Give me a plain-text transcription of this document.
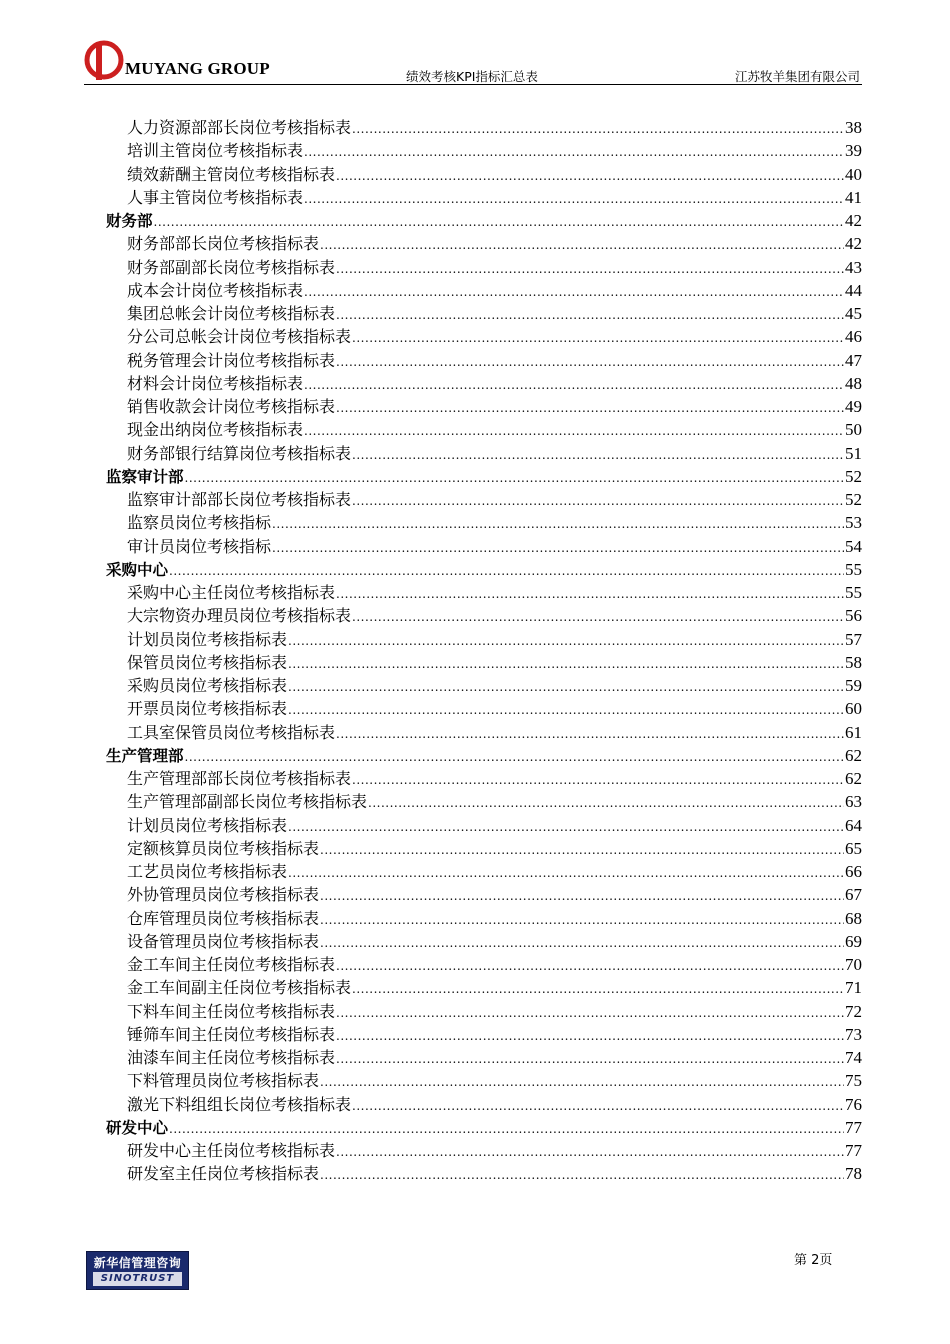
MUYANG GROUP	绩效考核KPI指标汇总表	江苏牧羊集团有限公司
人力资源部部长岗位考核指标表 .....	38
培训主管岗位考核指标表 .....	39
绩效薪酬主管岗位考核指标表 .....	40
人事主管岗位考核指标表 .....	41
财务部 .....	42
财务部部长岗位考核指标表 .....	42
财务部副部长岗位考核指标表 .....	43
成本会计岗位考核指标表 .....	44
集团总帐会计岗位考核指标表 .....	45
分公司总帐会计岗位考核指标表 .....	46
税务管理会计岗位考核指标表 .....	47
材料会计岗位考核指标表 .....	48
销售收款会计岗位考核指标表 .....	49
现金出纳岗位考核指标表 .....	50
财务部银行结算岗位考核指标表 .....	51
监察审计部 .....	52
监察审计部部长岗位考核指标表 .....	52
监察员岗位考核指标 .....	53
审计员岗位考核指标 .....	54
采购中心 .....	55
采购中心主任岗位考核指标表 .....	55
大宗物资办理员岗位考核指标表 .....	56
计划员岗位考核指标表 .....	57
保管员岗位考核指标表 .....	58
采购员岗位考核指标表 .....	59
开票员岗位考核指标表 .....	60
工具室保管员岗位考核指标表 .....	61
生产管理部 .....	62
生产管理部部长岗位考核指标表 .....	62
生产管理部副部长岗位考核指标表 .....	63
计划员岗位考核指标表 .....	64
定额核算员岗位考核指标表 .....	65
工艺员岗位考核指标表 .....	66
外协管理员岗位考核指标表 .....	67
仓库管理员岗位考核指标表 .....	68
设备管理员岗位考核指标表 .....	69
金工车间主任岗位考核指标表 .....	70
金工车间副主任岗位考核指标表 .....	71
下料车间主任岗位考核指标表 .....	72
锤筛车间主任岗位考核指标表 .....	73
油漆车间主任岗位考核指标表 .....	74
下料管理员岗位考核指标表 .....	75
激光下料组组长岗位考核指标表 .....	76
研发中心 .....	77
研发中心主任岗位考核指标表 .....	77
研发室主任岗位考核指标表 .....	78
新华信管理咨询
SINOTRUST
第 2页
